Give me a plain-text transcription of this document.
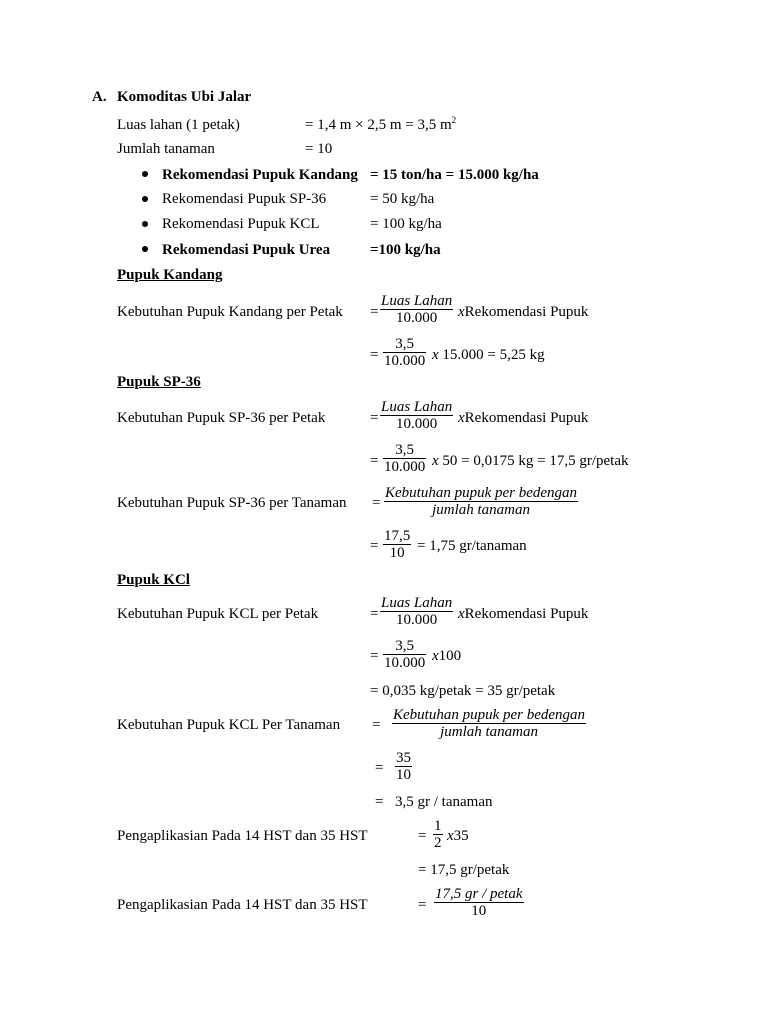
A. Komoditas Ubi Jalar
Luas lahan (1 petak)	= 1,4 m × 2,5 m = 3,5 $m^2$
Jumlah tanaman	= 10
Rekomendasi Pupuk Kandang = 15 ton/ha = 15.000 kg/ha
Rekomendasi Pupuk SP-36	= 50 kg/ha
Rekomendasi Pupuk KCL	= 100 kg/ha
Rekomendasi Pupuk Urea	=100 kg/ha
Pupuk Kandang
Kebutuhan Pupuk Kandang per Petak =
Luas Lahan
10.000	xRekomendasi Pupuk
= $\frac{3,5}{10.000}$ x 15.000 = 5,25 kg
Pupuk SP-36
Kebutuhan Pupuk SP-36 per Petak	=
Luas Lahan
10.000	xRekomendasi Pupuk
= $\frac{3,5}{10.000}$ x 50 = 0,0175 kg = 17,5 gr/petak
Kebutuhan Pupuk SP-36 per Tanaman =
Kebutuhan pupuk per bedengan
jumlah tanaman
= $\frac{17,5}{10} = 1,75$ gr/tanaman
Pupuk KCl
Kebutuhan Pupuk KCL per Petak	=
Luas Lahan
10.000	xRekomendasi Pupuk
= $\frac{3,5}{10.000} x100$
= 0,035 kg/petak = 35 gr/petak
Kebutuhan Pupuk KCL Per Tanaman =
Kebutuhan pupuk per bedengan
jumlah tanaman
= $\frac{35}{10}$
= 3,5 gr / tanaman
Pengaplikasian Pada 14 HST dan 35 HST	= $\frac{1}{2} x35$
= 17,5 gr/petak
Pengaplikasian Pada 14 HST dan 35 HST	=
17,5 gr / petak
10
